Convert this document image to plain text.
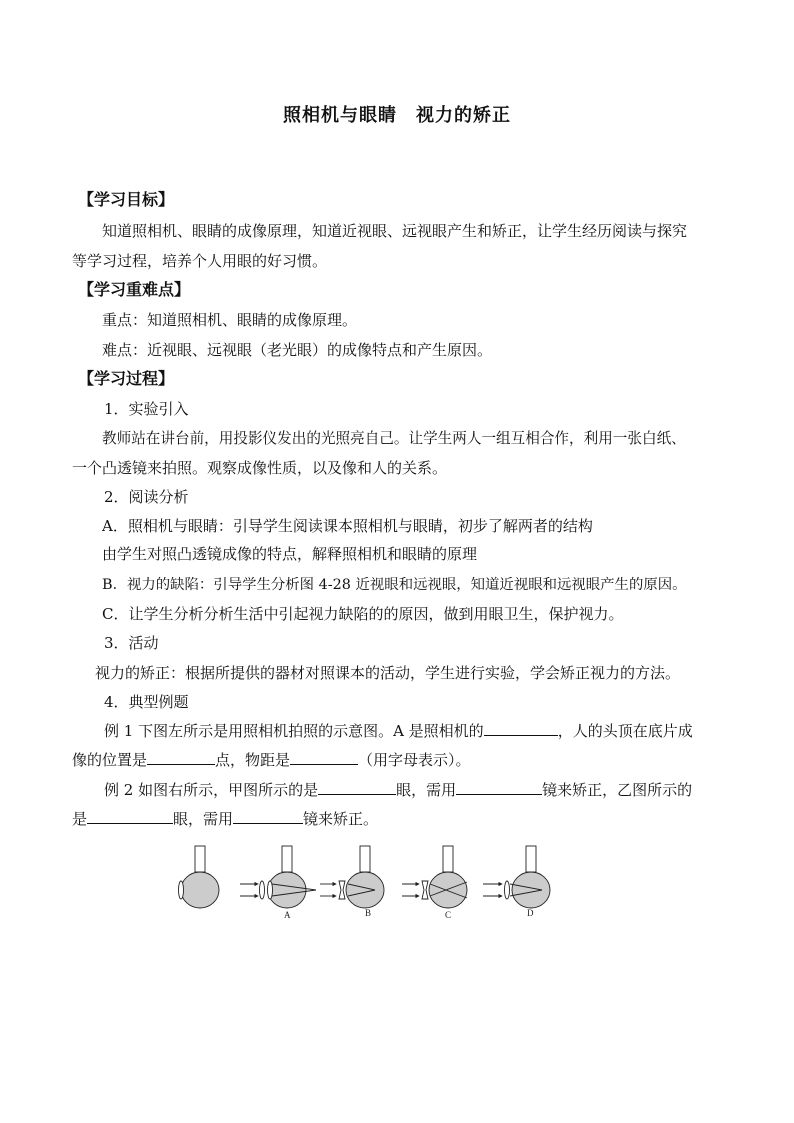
照相机与眼睛　视力的矫正
【学习目标】
知道照相机、眼睛的成像原理，知道近视眼、远视眼产生和矫正，让学生经历阅读与探究
等学习过程，培养个人用眼的好习惯。
【学习重难点】
重点：知道照相机、眼睛的成像原理。
难点：近视眼、远视眼（老光眼）的成像特点和产生原因。
【学习过程】
1．实验引入
教师站在讲台前，用投影仪发出的光照亮自己。让学生两人一组互相合作，利用一张白纸、
一个凸透镜来拍照。观察成像性质，以及像和人的关系。
2．阅读分析
A．照相机与眼睛：引导学生阅读课本照相机与眼睛，初步了解两者的结构
由学生对照凸透镜成像的特点，解释照相机和眼睛的原理
B．视力的缺陷：引导学生分析图 4-28 近视眼和远视眼，知道近视眼和远视眼产生的原因。
C．让学生分析分析生活中引起视力缺陷的的原因，做到用眼卫生，保护视力。
3．活动
视力的矫正：根据所提供的器材对照课本的活动，学生进行实验，学会矫正视力的方法。
4．典型例题
例 1 下图左所示是用照相机拍照的示意图。A 是照相机的	，人的头顶在底片成
像的位置是	点，物距是	（用字母表示）。
例 2 如图右所示，甲图所示的是	眼，需用	镜来矫正，乙图所示的
是	眼，需用	镜来矫正。
A	B	C	D
